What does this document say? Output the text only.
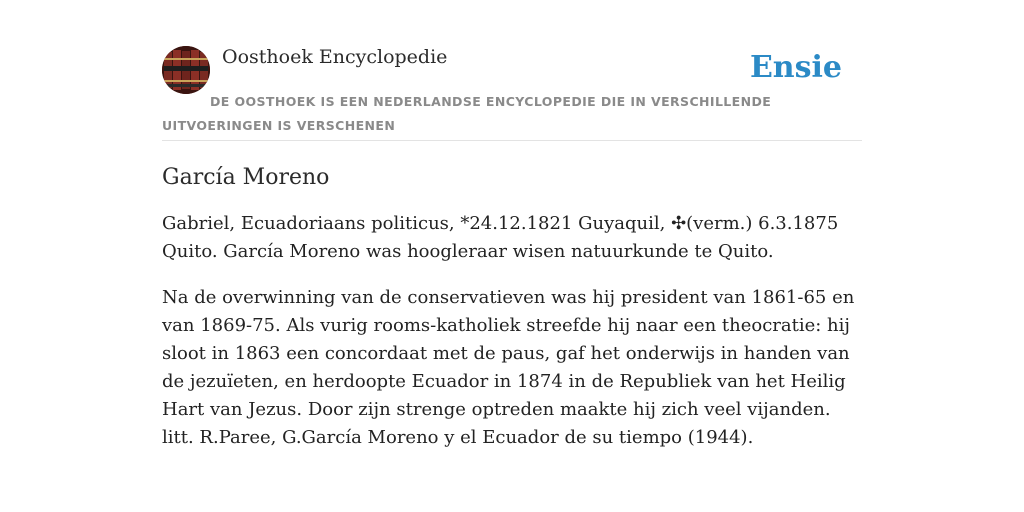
Oosthoek Encyclopedie	Ensie
DE OOSTHOEK IS EEN NEDERLANDSE ENCYCLOPEDIE DIE IN VERSCHILLENDE UITVOERINGEN IS VERSCHENEN
García Moreno

Gabriel, Ecuadoriaans politicus, *24.12.1821 Guyaquil, ✣(verm.) 6.3.1875 Quito. García Moreno was hoogleraar wisen natuurkunde te Quito.

Na de overwinning van de conservatieven was hij president van 1861-65 en van 1869-75. Als vurig rooms-katholiek streefde hij naar een theocratie: hij sloot in 1863 een concordaat met de paus, gaf het onderwijs in handen van de jezuïeten, en herdoopte Ecuador in 1874 in de Republiek van het Heilig Hart van Jezus. Door zijn strenge optreden maakte hij zich veel vijanden. litt. R.Paree, G.García Moreno y el Ecuador de su tiempo (1944).
